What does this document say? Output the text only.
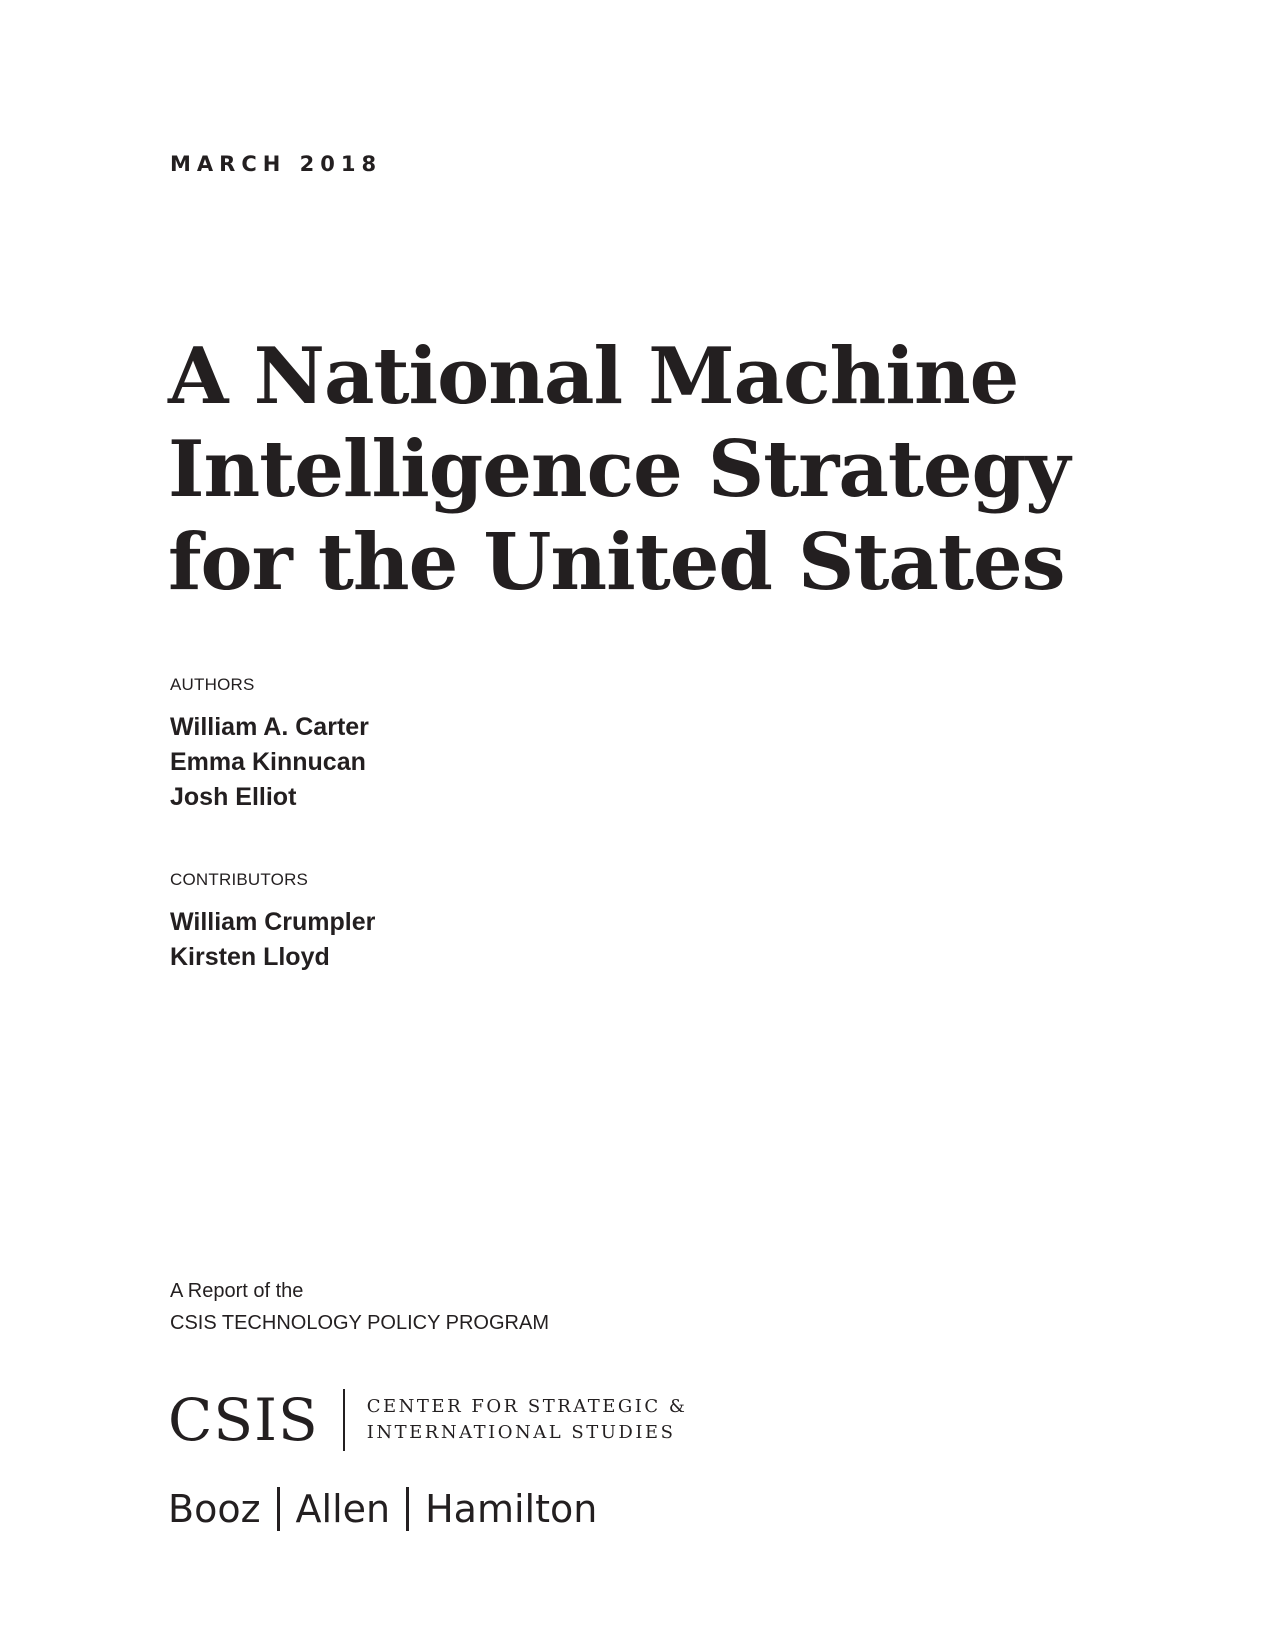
MARCH 2018
A National Machine
Intelligence Strategy
for the United States
AUTHORS
William A. Carter
Emma Kinnucan
Josh Elliot
CONTRIBUTORS
William Crumpler
Kirsten Lloyd
A Report of the
CSIS TECHNOLOGY POLICY PROGRAM
CSIS	CENTER FOR STRATEGIC &
INTERNATIONAL STUDIES
Booz Allen Hamilton
